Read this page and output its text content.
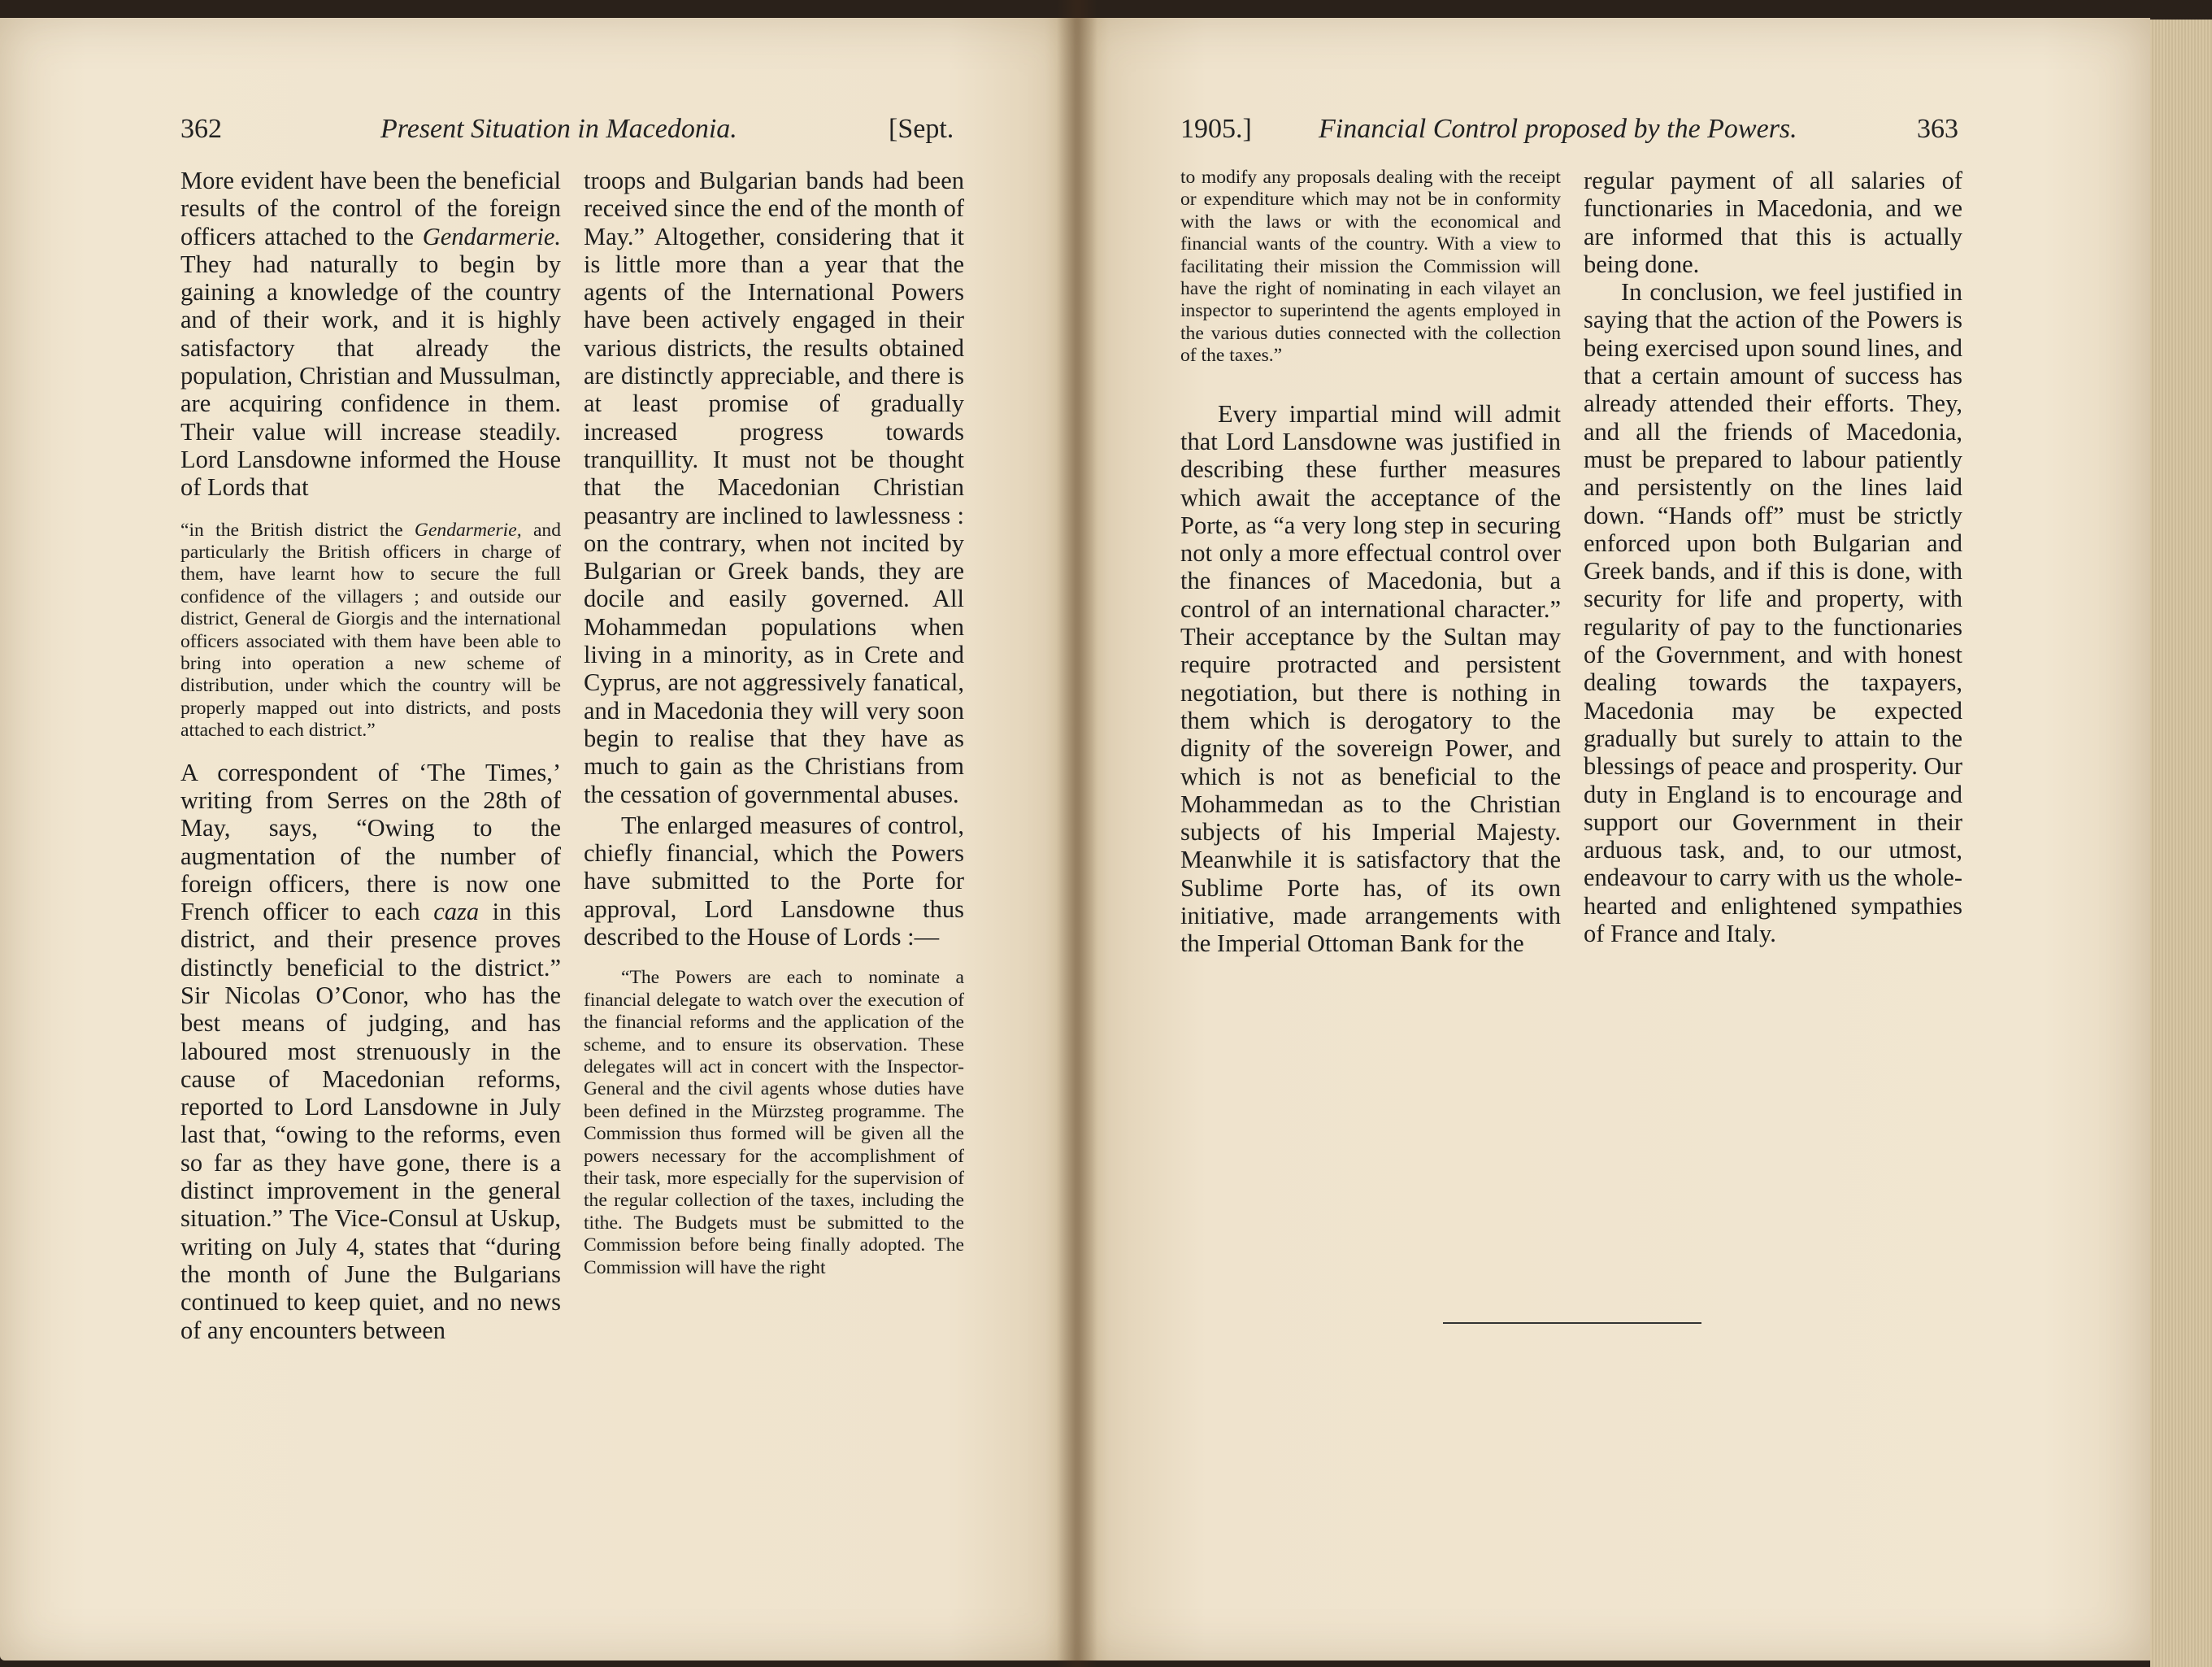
362	Present Situation in Macedonia.	[Sept.	1905.] Financial Control proposed by the Powers.	363
More evident have been the beneficial results of the control of the foreign officers attached to the Gendarmerie. They had naturally to begin by gaining a knowledge of the country and of their work, and it is highly satisfactory that already the population, Christian and Mussulman, are acquiring confidence in them. Their value will increase steadily. Lord Lansdowne informed the House of Lords that
“in the British district the Gendarmerie, and particularly the British officers in charge of them, have learnt how to secure the full confidence of the villagers ; and outside our district, General de Giorgis and the international officers associated with them have been able to bring into operation a new scheme of distribution, under which the country will be properly mapped out into districts, and posts attached to each district.”
A correspondent of ‘The Times,’ writing from Serres on the 28th of May, says, “Owing to the augmentation of the number of foreign officers, there is now one French officer to each caza in this district, and their presence proves distinctly beneficial to the district.” Sir Nicolas O’Conor, who has the best means of judging, and has laboured most strenuously in the cause of Macedonian reforms, reported to Lord Lansdowne in July last that, “owing to the reforms, even so far as they have gone, there is a distinct improvement in the general situation.” The Vice-Consul at Uskup, writing on July 4, states that “during the month of June the Bulgarians continued to keep quiet, and no news of any encounters between
troops and Bulgarian bands had been received since the end of the month of May.” Altogether, considering that it is little more than a year that the agents of the International Powers have been actively engaged in their various districts, the results obtained are distinctly appreciable, and there is at least promise of gradually increased progress towards tranquillity. It must not be thought that the Macedonian Christian peasantry are inclined to lawlessness : on the contrary, when not incited by Bulgarian or Greek bands, they are docile and easily governed. All Mohammedan populations when living in a minority, as in Crete and Cyprus, are not aggressively fanatical, and in Macedonia they will very soon begin to realise that they have as much to gain as the Christians from the cessation of governmental abuses.
The enlarged measures of control, chiefly financial, which the Powers have submitted to the Porte for approval, Lord Lansdowne thus described to the House of Lords :—
“The Powers are each to nominate a financial delegate to watch over the execution of the financial reforms and the application of the scheme, and to ensure its observation. These delegates will act in concert with the Inspector-General and the civil agents whose duties have been defined in the Mürzsteg programme. The Commission thus formed will be given all the powers necessary for the accomplishment of their task, more especially for the supervision of the regular collection of the taxes, including the tithe. The Budgets must be submitted to the Commission before being finally adopted. The Commission will have the right
to modify any proposals dealing with the receipt or expenditure which may not be in conformity with the laws or with the economical and financial wants of the country. With a view to facilitating their mission the Commission will have the right of nominating in each vilayet an inspector to superintend the agents employed in the various duties connected with the collection of the taxes.”
Every impartial mind will admit that Lord Lansdowne was justified in describing these further measures which await the acceptance of the Porte, as “a very long step in securing not only a more effectual control over the finances of Macedonia, but a control of an international character.” Their acceptance by the Sultan may require protracted and persistent negotiation, but there is nothing in them which is derogatory to the dignity of the sovereign Power, and which is not as beneficial to the Mohammedan as to the Christian subjects of his Imperial Majesty. Meanwhile it is satisfactory that the Sublime Porte has, of its own initiative, made arrangements with the Imperial Ottoman Bank for the
regular payment of all salaries of functionaries in Macedonia, and we are informed that this is actually being done.
In conclusion, we feel justified in saying that the action of the Powers is being exercised upon sound lines, and that a certain amount of success has already attended their efforts. They, and all the friends of Macedonia, must be prepared to labour patiently and persistently on the lines laid down. “Hands off” must be strictly enforced upon both Bulgarian and Greek bands, and if this is done, with security for life and property, with regularity of pay to the functionaries of the Government, and with honest dealing towards the taxpayers, Macedonia may be expected gradually but surely to attain to the blessings of peace and prosperity. Our duty in England is to encourage and support our Government in their arduous task, and, to our utmost, endeavour to carry with us the whole-hearted and enlightened sympathies of France and Italy.
